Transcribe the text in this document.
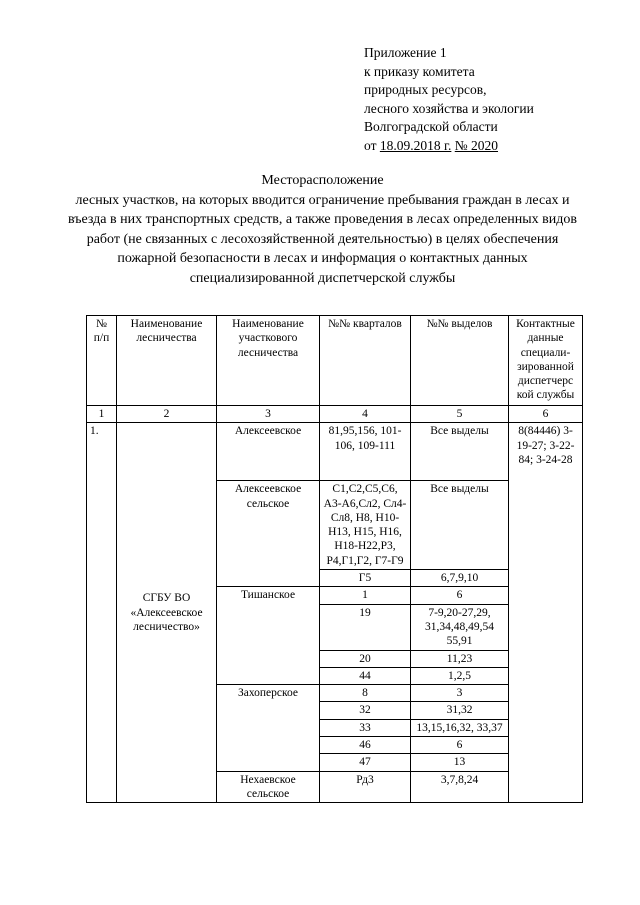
Приложение 1
к приказу комитета
природных ресурсов,
лесного хозяйства и экологии
Волгоградской области
от 18.09.2018 г. № 2020
Месторасположение
лесных участков, на которых вводится ограничение пребывания граждан в лесах и въезда в них транспортных средств, а также проведения в лесах определенных видов работ (не связанных с лесохозяйственной деятельностью) в целях обеспечения пожарной безопасности в лесах и информация о контактных данных специализированной диспетчерской службы
№ п/п	Наименование лесничества	Наименование участкового лесничества	№№ кварталов	№№ выделов	Контактные данные специали-зированной диспетчерс кой службы
1	2	3	4	5	6
1.	СГБУ ВО «Алексеевское лесничество»	Алексеевское	81,95,156, 101-106, 109-111	Все выделы	8(84446) 3-19-27; 3-22-84; 3-24-28
		Алексеевское сельское	С1,С2,С5,С6, А3-А6,Сл2, Сл4-Сл8, Н8, Н10-Н13, Н15, Н16, Н18-Н22,Р3, Р4,Г1,Г2, Г7-Г9	Все выделы	
			Г5	6,7,9,10	
		Тишанское	1	6	
			19	7-9,20-27,29, 31,34,48,49,54 55,91	
			20	11,23	
			44	1,2,5	
		Захоперское	8	3	
			32	31,32	
			33	13,15,16,32, 33,37	
			46	6	
			47	13	
		Нехаевское сельское	Рд3	3,7,8,24	
